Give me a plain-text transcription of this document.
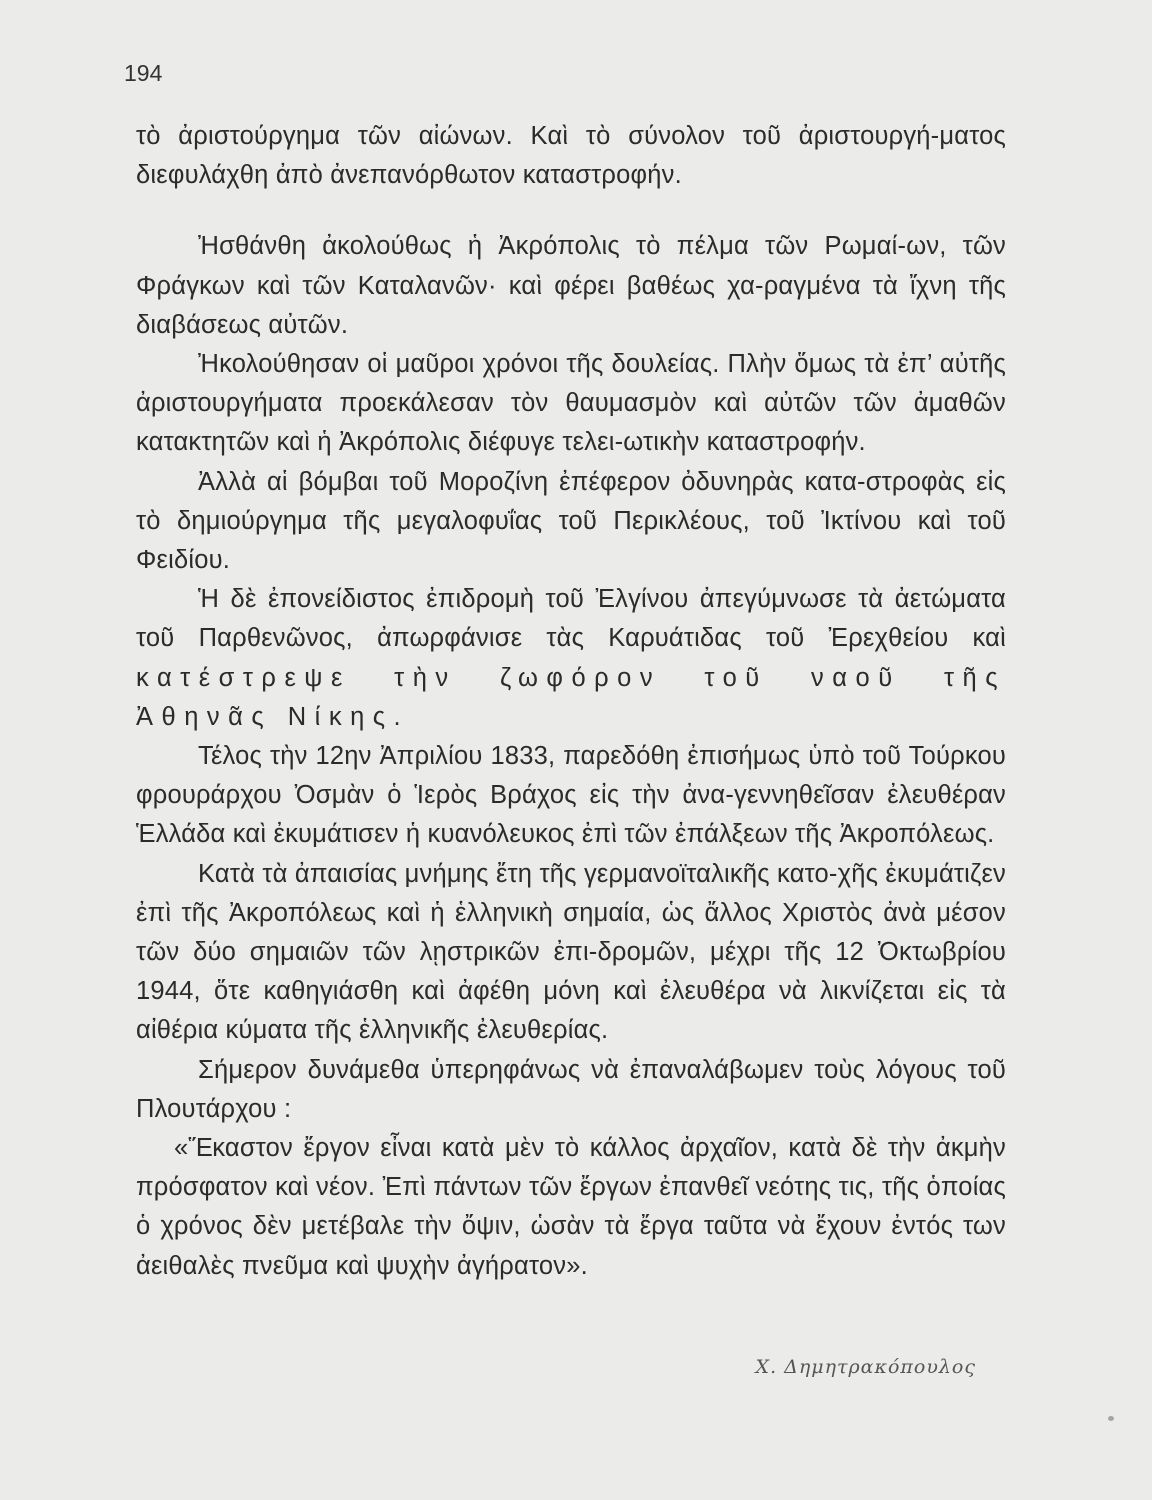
194

τὸ ἀριστούργημα τῶν αἰώνων. Καὶ τὸ σύνολον τοῦ ἀριστουργή-ματος διεφυλάχθη ἀπὸ ἀνεπανόρθωτον καταστροφήν.

Ἠσθάνθη ἀκολούθως ἡ Ἀκρόπολις τὸ πέλμα τῶν Ρωμαί-ων, τῶν Φράγκων καὶ τῶν Καταλανῶν· καὶ φέρει βαθέως χα-ραγμένα τὰ ἴχνη τῆς διαβάσεως αὐτῶν.

Ἠκολούθησαν οἱ μαῦροι χρόνοι τῆς δουλείας. Πλὴν ὅμως τὰ ἐπ’ αὐτῆς ἀριστουργήματα προεκάλεσαν τὸν θαυμασμὸν καὶ αὐτῶν τῶν ἀμαθῶν κατακτητῶν καὶ ἡ Ἀκρόπολις διέφυγε τελει-ωτικὴν καταστροφήν.

Ἀλλὰ αἱ βόμβαι τοῦ Μοροζίνη ἐπέφερον ὀδυνηρὰς κατα-στροφὰς εἰς τὸ δημιούργημα τῆς μεγαλοφυΐας τοῦ Περικλέους, τοῦ Ἰκτίνου καὶ τοῦ Φειδίου.

Ἡ δὲ ἐπονείδιστος ἐπιδρομὴ τοῦ Ἐλγίνου ἀπεγύμνωσε τὰ ἀετώματα τοῦ Παρθενῶνος, ἀπωρφάνισε τὰς Καρυάτιδας τοῦ Ἐρεχθείου καὶ κατέστρεψε τὴν ζωφόρον τοῦ ναοῦ τῆς Ἀθηνᾶς Νίκης.

Τέλος τὴν 12ην Ἀπριλίου 1833, παρεδόθη ἐπισήμως ὑπὸ τοῦ Τούρκου φρουράρχου Ὀσμὰν ὁ Ἱερὸς Βράχος εἰς τὴν ἀνα-γεννηθεῖσαν ἐλευθέραν Ἑλλάδα καὶ ἐκυμάτισεν ἡ κυανόλευκος ἐπὶ τῶν ἐπάλξεων τῆς Ἀκροπόλεως.

Κατὰ τὰ ἀπαισίας μνήμης ἔτη τῆς γερμανοϊταλικῆς κατο-χῆς ἐκυμάτιζεν ἐπὶ τῆς Ἀκροπόλεως καὶ ἡ ἑλληνικὴ σημαία, ὡς ἄλλος Χριστὸς ἀνὰ μέσον τῶν δύο σημαιῶν τῶν λῃστρικῶν ἐπι-δρομῶν, μέχρι τῆς 12 Ὀκτωβρίου 1944, ὅτε καθηγιάσθη καὶ ἀφέθη μόνη καὶ ἐλευθέρα νὰ λικνίζεται εἰς τὰ αἰθέρια κύματα τῆς ἑλληνικῆς ἐλευθερίας.

Σήμερον δυνάμεθα ὑπερηφάνως νὰ ἐπαναλάβωμεν τοὺς λόγους τοῦ Πλουτάρχου :

«Ἕκαστον ἔργον εἶναι κατὰ μὲν τὸ κάλλος ἀρχαῖον, κατὰ δὲ τὴν ἀκμὴν πρόσφατον καὶ νέον. Ἐπὶ πάντων τῶν ἔργων ἐπανθεῖ νεότης τις, τῆς ὁποίας ὁ χρόνος δὲν μετέβαλε τὴν ὄψιν, ὡσὰν τὰ ἔργα ταῦτα νὰ ἔχουν ἐντός των ἀειθαλὲς πνεῦμα καὶ ψυχὴν ἀγήρατον».

Χ. Δημητρακόπουλος
